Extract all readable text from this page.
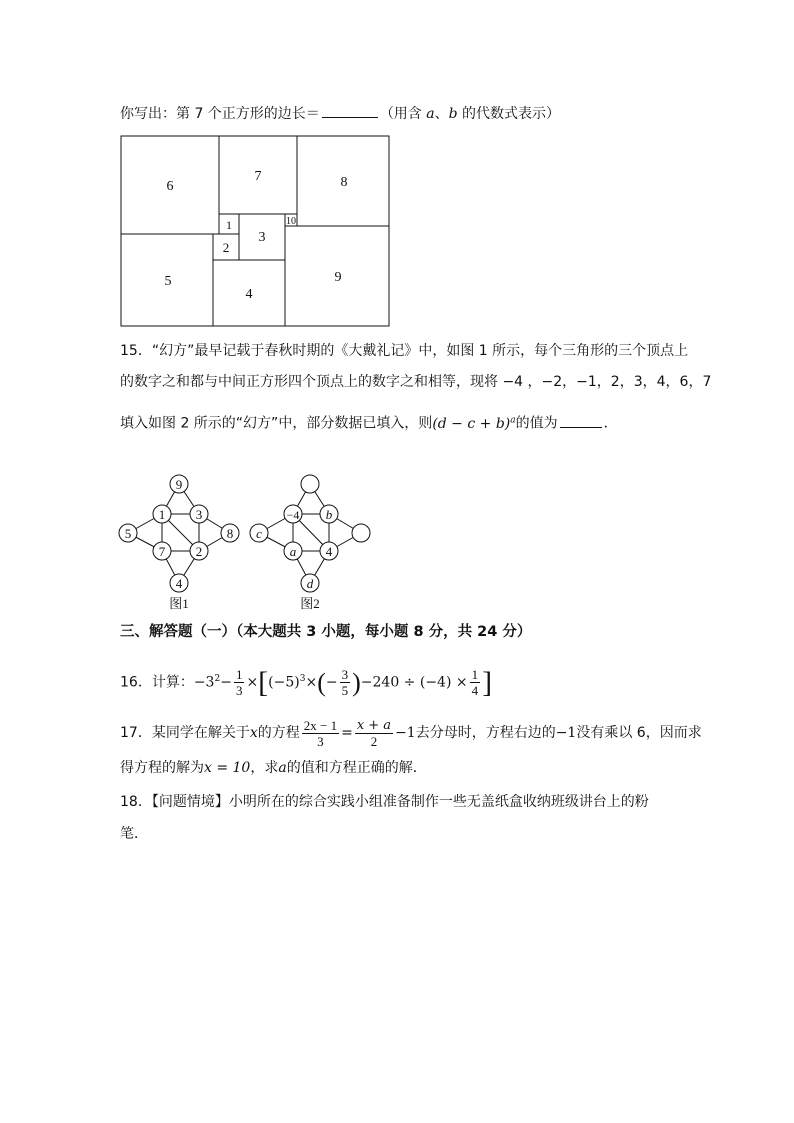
你写出：第 7 个正方形的边长＝	（用含 a、b 的代数式表示）
6
7	8
1
3
10
2
5
4
9
15．“幻方”最早记载于春秋时期的《大戴礼记》中，如图 1 所示，每个三角形的三个顶点上
的数字之和都与中间正方形四个顶点上的数字之和相等，现将 −4 ，−2，−1，2，3，4，6，7
填入如图 2 所示的“幻方”中，部分数据已填入，则$(d - c + b)^a$的值为	．
9
1 3
5	8
7 2
4
−4 b
c
a 4
d
图1	图2
三、解答题（一）（本大题共 3 小题，每小题 8 分，共 24 分）
16．计算：$-3^2- \frac{1}{3} \times[(-5)^3\times(- \frac{3}{5} )-240 \div (-4) \times \frac{1}{4}$ ]
17．某同学在解关于x的方程 $\frac{2x - 1}{3} = \frac{x + a}{2} -1$去分母时，方程右边的−1没有乘以 6，因而求
得方程的解为x = 10，求a的值和方程正确的解．
18．【问题情境】小明所在的综合实践小组准备制作一些无盖纸盒收纳班级讲台上的粉
笔．
